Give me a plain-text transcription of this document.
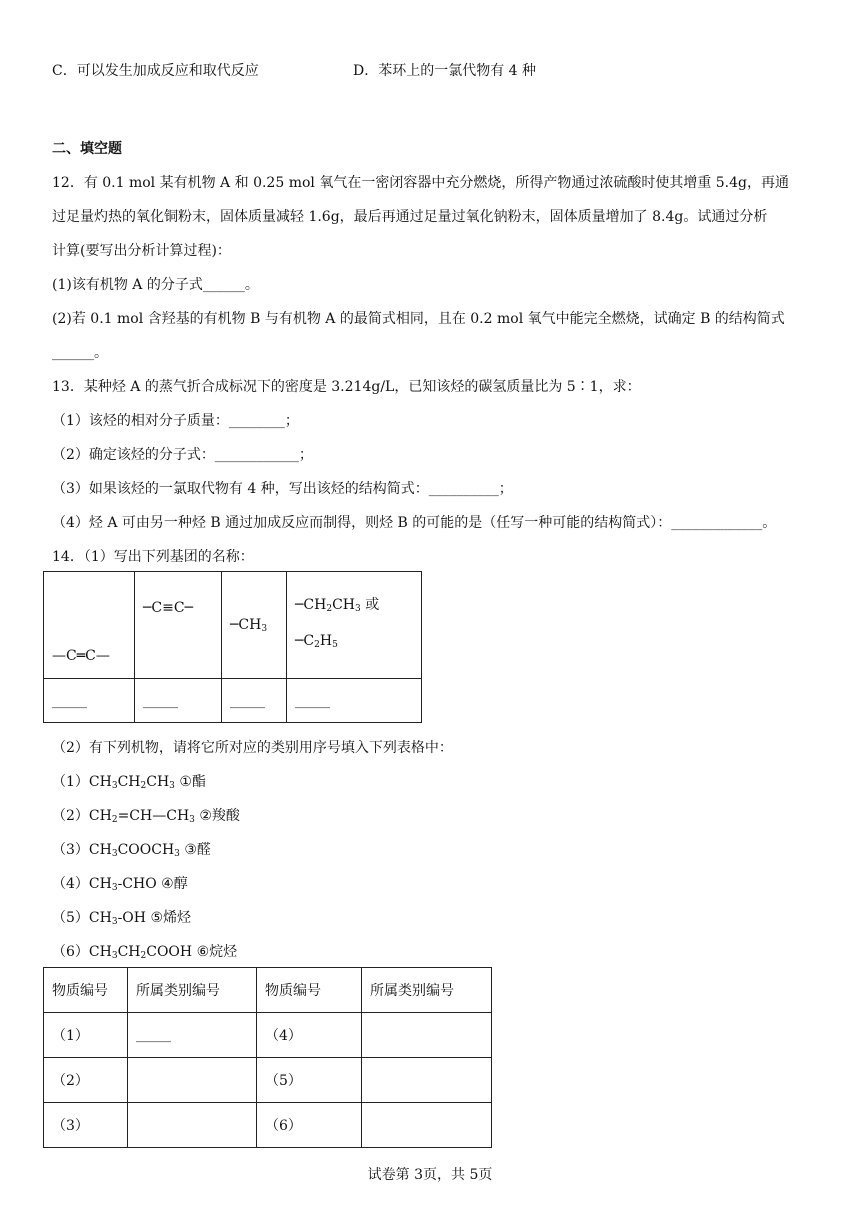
C．可以发生加成反应和取代反应	D．苯环上的一氯代物有 4 种
二、填空题
12．有 0.1 mol 某有机物 A 和 0.25 mol 氧气在一密闭容器中充分燃烧，所得产物通过浓硫酸时使其增重 5.4g，再通
过足量灼热的氧化铜粉末，固体质量减轻 1.6g，最后再通过足量过氧化钠粉末，固体质量增加了 8.4g。试通过分析
计算(要写出分析计算过程)：
(1)该有机物 A 的分子式______。
(2)若 0.1 mol 含羟基的有机物 B 与有机物 A 的最简式相同，且在 0.2 mol 氧气中能完全燃烧，试确定 B 的结构简式
______。
13．某种烃 A 的蒸气折合成标况下的密度是 3.214g/L，已知该烃的碳氢质量比为 5∶1，求：
（1）该烃的相对分子质量：________；
（2）确定该烃的分子式：____________；
（3）如果该烃的一氯取代物有 4 种，写出该烃的结构简式：__________；
（4）烃 A 可由另一种烃 B 通过加成反应而制得，则烃 B 的可能的是（任写一种可能的结构简式）：_____________。
14．（1）写出下列基团的名称：
—C═C—	─C≡C─	$─CH_3$	$─CH_2CH_3$ 或
$─C_2H_5$

_____	_____	_____	_____
（2）有下列机物，请将它所对应的类别用序号填入下列表格中：
$(1)CH_3CH_2CH_3$ ①酯
$(2)CH_2=CH—CH_3$ ②羧酸
$(3)CH_3COOCH_3$ ③醛
$(4)CH_3$-CHO ④醇
$(5)CH_3-OH$ ⑤烯烃
$(6)CH_3CH_2COOH$ ⑥烷烃
物质编号	所属类别编号	物质编号	所属类别编号
（1）	_____	（4）	
（2）		（5）	
（3）		（6）	
试卷第 3页，共 5页
